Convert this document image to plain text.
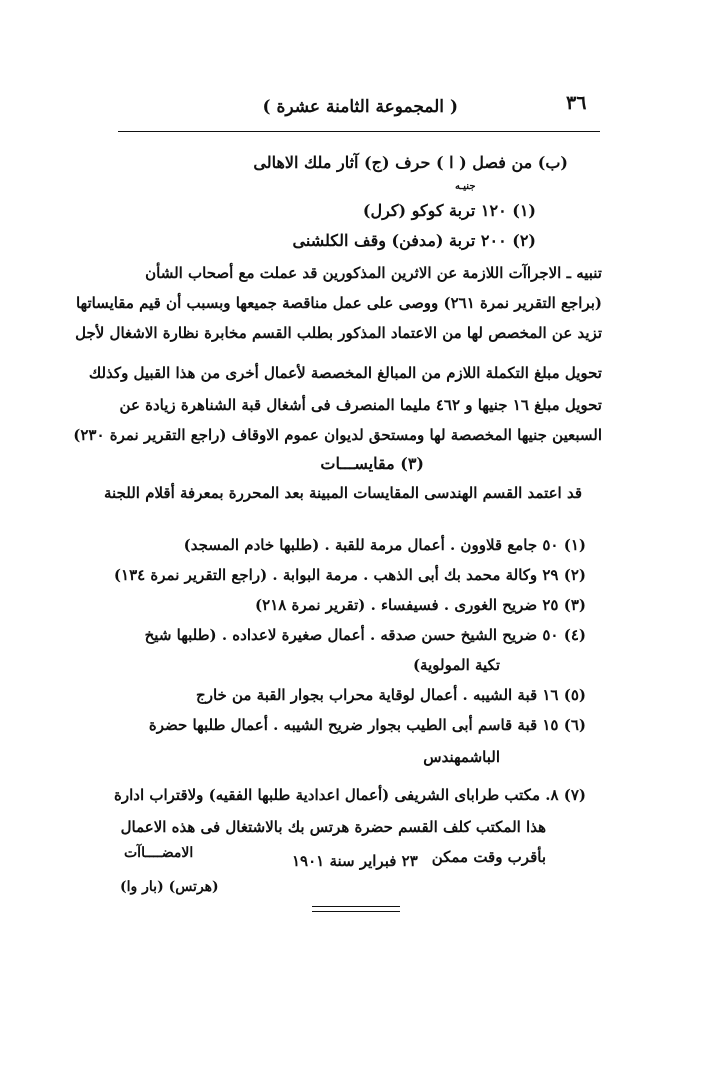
٣٦
( المجموعة الثامنة عشرة )
(ب) من فصل ( ا ) حرف (ج) آثار ملك الاهالى
جنيـه
(١) ١٢٠ تربة كوكو (كرل)
(٢) ٢٠٠ تربة (مدفن) وقف الكلشنى
تنبيه ـ الاجراآت اللازمة عن الاثرين المذكورين قد عملت مع أصحاب الشأن
(براجع التقرير نمرة ٢٦١) ووصى على عمل مناقصة جميعها وبسبب أن قيم مقايساتها
تزيد عن المخصص لها من الاعتماد المذكور بطلب القسم مخابرة نظارة الاشغال لأجل
تحويل مبلغ التكملة اللازم من المبالغ المخصصة لأعمال أخرى من هذا القبيل وكذلك
تحويل مبلغ ١٦ جنيها و ٤٦٢ مليما المنصرف فى أشغال قبة الشناهرة زيادة عن
السبعين جنيها المخصصة لها ومستحق لديوان عموم الاوقاف (راجع التقرير نمرة ٢٣٠)
(٣) مقايســـات
قد اعتمد القسم الهندسى المقايسات المبينة بعد المحررة بمعرفة أقلام اللجنة
(١) ٥٠ جامع قلاوون . أعمال مرمة للقبة . (طلبها خادم المسجد)
(٢) ٢٩ وكالة محمد بك أبى الذهب . مرمة البوابة . (راجع التقرير نمرة ١٣٤)
(٣) ٢٥ ضريح الغورى . فسيفساء . (تقرير نمرة ٢١٨)
(٤) ٥٠ ضريح الشيخ حسن صدقه . أعمال صغيرة لاعداده . (طلبها شيخ
تكية المولوية)
(٥) ١٦ قبة الشيبه . أعمال لوقاية محراب بجوار القبة من خارج
(٦) ١٥ قبة قاسم أبى الطيب بجوار ضريح الشيبه . أعمال طلبها حضرة
الباشمهندس
(٧) ٨. مكتب طراباى الشريفى (أعمال اعدادية طلبها الفقيه) ولاقتراب ادارة
هذا المكتب كلف القسم حضرة هرتس بك بالاشتغال فى هذه الاعمال
بأقرب وقت ممكن
٢٣ فبراير سنة ١٩٠١
الامضــــاآت
(هرتس) (بار وا)
